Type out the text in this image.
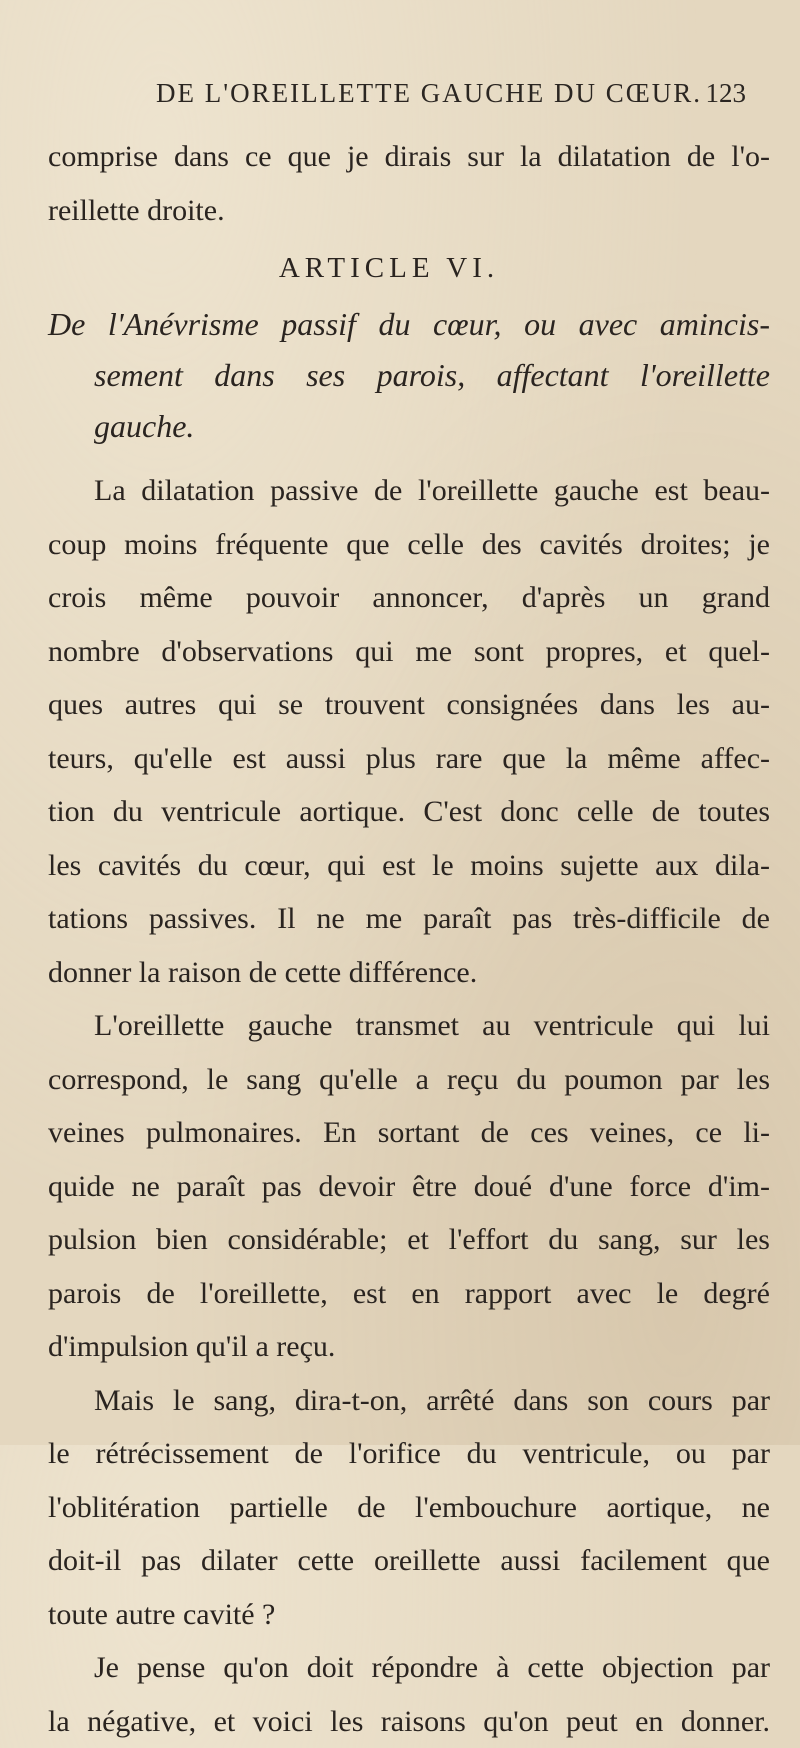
DE L'OREILLETTE GAUCHE DU CŒUR. 123
comprise dans ce que je dirais sur la dilatation de l'o-
reillette droite.
ARTICLE VI.
De l'Anévrisme passif du cœur, ou avec amincis-
sement dans ses parois, affectant l'oreillette
gauche.
La dilatation passive de l'oreillette gauche est beau-
coup moins fréquente que celle des cavités droites; je
crois même pouvoir annoncer, d'après un grand
nombre d'observations qui me sont propres, et quel-
ques autres qui se trouvent consignées dans les au-
teurs, qu'elle est aussi plus rare que la même affec-
tion du ventricule aortique. C'est donc celle de toutes
les cavités du cœur, qui est le moins sujette aux dila-
tations passives. Il ne me paraît pas très-difficile de
donner la raison de cette différence.
L'oreillette gauche transmet au ventricule qui lui
correspond, le sang qu'elle a reçu du poumon par les
veines pulmonaires. En sortant de ces veines, ce li-
quide ne paraît pas devoir être doué d'une force d'im-
pulsion bien considérable; et l'effort du sang, sur les
parois de l'oreillette, est en rapport avec le degré
d'impulsion qu'il a reçu.
Mais le sang, dira-t-on, arrêté dans son cours par
le rétrécissement de l'orifice du ventricule, ou par
l'oblitération partielle de l'embouchure aortique, ne
doit-il pas dilater cette oreillette aussi facilement que
toute autre cavité ?
Je pense qu'on doit répondre à cette objection par
la négative, et voici les raisons qu'on peut en donner.
